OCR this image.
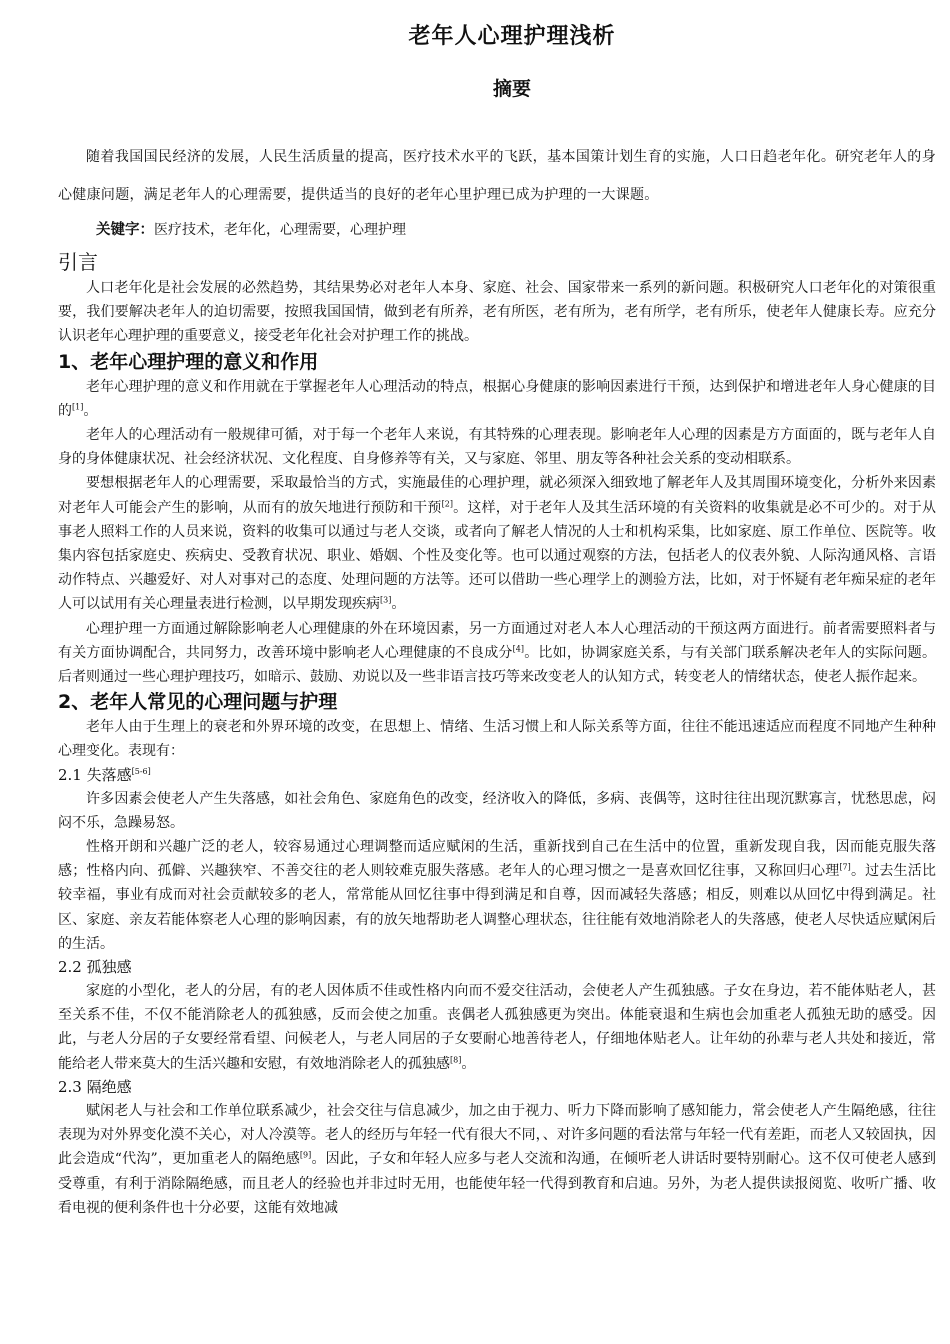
老年人心理护理浅析
摘要

随着我国国民经济的发展，人民生活质量的提高，医疗技术水平的飞跃，基本国策计划生育的实施，人口日趋老年化。研究老年人的身心健康问题，满足老年人的心理需要，提供适当的良好的老年心里护理已成为护理的一大课题。

关键字：医疗技术，老年化，心理需要，心理护理
引言

人口老年化是社会发展的必然趋势，其结果势必对老年人本身、家庭、社会、国家带来一系列的新问题。积极研究人口老年化的对策很重要，我们要解决老年人的迫切需要，按照我国国情，做到老有所养，老有所医，老有所为，老有所学，老有所乐，使老年人健康长寿。应充分认识老年心理护理的重要意义，接受老年化社会对护理工作的挑战。

1、老年心理护理的意义和作用

老年心理护理的意义和作用就在于掌握老年人心理活动的特点，根据心身健康的影响因素进行干预，达到保护和增进老年人身心健康的目的[1]。

老年人的心理活动有一般规律可循，对于每一个老年人来说，有其特殊的心理表现。影响老年人心理的因素是方方面面的，既与老年人自身的身体健康状况、社会经济状况、文化程度、自身修养等有关，又与家庭、邻里、朋友等各种社会关系的变动相联系。

要想根据老年人的心理需要，采取最恰当的方式，实施最佳的心理护理，就必须深入细致地了解老年人及其周围环境变化，分析外来因素对老年人可能会产生的影响，从而有的放矢地进行预防和干预[2]。这样，对于老年人及其生活环境的有关资料的收集就是必不可少的。对于从事老人照料工作的人员来说，资料的收集可以通过与老人交谈，或者向了解老人情况的人士和机构采集，比如家庭、原工作单位、医院等。收集内容包括家庭史、疾病史、受教育状况、职业、婚姻、个性及变化等。也可以通过观察的方法，包括老人的仪表外貌、人际沟通风格、言语动作特点、兴趣爱好、对人对事对己的态度、处理问题的方法等。还可以借助一些心理学上的测验方法，比如，对于怀疑有老年痴呆症的老年人可以试用有关心理量表进行检测，以早期发现疾病[3]。

心理护理一方面通过解除影响老人心理健康的外在环境因素，另一方面通过对老人本人心理活动的干预这两方面进行。前者需要照料者与有关方面协调配合，共同努力，改善环境中影响老人心理健康的不良成分[4]。比如，协调家庭关系，与有关部门联系解决老年人的实际问题。后者则通过一些心理护理技巧，如暗示、鼓励、劝说以及一些非语言技巧等来改变老人的认知方式，转变老人的情绪状态，使老人振作起来。

2、老年人常见的心理问题与护理

老年人由于生理上的衰老和外界环境的改变，在思想上、情绪、生活习惯上和人际关系等方面，往往不能迅速适应而程度不同地产生种种心理变化。表现有：

2.1 失落感[5-6]

许多因素会使老人产生失落感，如社会角色、家庭角色的改变，经济收入的降低，多病、丧偶等，这时往往出现沉默寡言，忧愁思虑，闷闷不乐，急躁易怒。

性格开朗和兴趣广泛的老人，较容易通过心理调整而适应赋闲的生活，重新找到自己在生活中的位置，重新发现自我，因而能克服失落感；性格内向、孤僻、兴趣狭窄、不善交往的老人则较难克服失落感。老年人的心理习惯之一是喜欢回忆往事，又称回归心理[7]。过去生活比较幸福，事业有成而对社会贡献较多的老人，常常能从回忆往事中得到满足和自尊，因而减轻失落感；相反，则难以从回忆中得到满足。社区、家庭、亲友若能体察老人心理的影响因素，有的放矢地帮助老人调整心理状态，往往能有效地消除老人的失落感，使老人尽快适应赋闲后的生活。

2.2 孤独感

家庭的小型化，老人的分居，有的老人因体质不佳或性格内向而不爱交往活动，会使老人产生孤独感。子女在身边，若不能体贴老人，甚至关系不佳，不仅不能消除老人的孤独感，反而会使之加重。丧偶老人孤独感更为突出。体能衰退和生病也会加重老人孤独无助的感受。因此，与老人分居的子女要经常看望、问候老人，与老人同居的子女要耐心地善待老人，仔细地体贴老人。让年幼的孙辈与老人共处和接近，常能给老人带来莫大的生活兴趣和安慰，有效地消除老人的孤独感[8]。

2.3 隔绝感

赋闲老人与社会和工作单位联系减少，社会交往与信息减少，加之由于视力、听力下降而影响了感知能力，常会使老人产生隔绝感，往往表现为对外界变化漠不关心，对人冷漠等。老人的经历与年轻一代有很大不同，、对许多问题的看法常与年轻一代有差距，而老人又较固执，因此会造成“代沟”，更加重老人的隔绝感[9]。因此，子女和年轻人应多与老人交流和沟通，在倾听老人讲话时要特别耐心。这不仅可使老人感到受尊重，有利于消除隔绝感，而且老人的经验也并非过时无用，也能使年轻一代得到教育和启迪。另外，为老人提供读报阅览、收听广播、收看电视的便利条件也十分必要，这能有效地减
